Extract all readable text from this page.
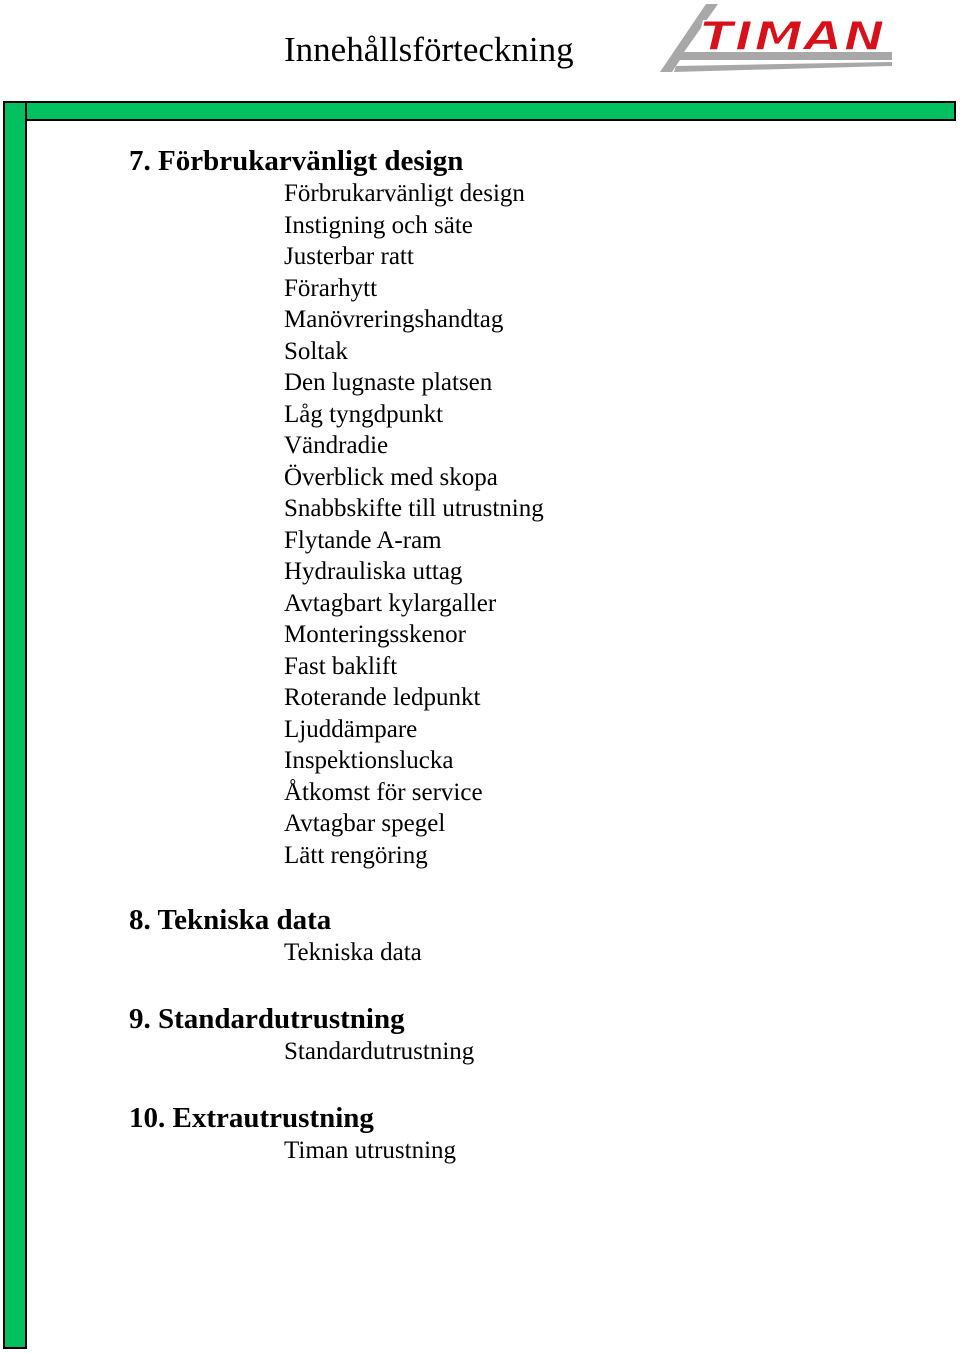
Innehållsförteckning	TIMAN
7. Förbrukarvänligt design
Förbrukarvänligt design
Instigning och säte
Justerbar ratt
Förarhytt
Manövreringshandtag
Soltak
Den lugnaste platsen
Låg tyngdpunkt
Vändradie
Överblick med skopa
Snabbskifte till utrustning
Flytande A-ram
Hydrauliska uttag
Avtagbart kylargaller
Monteringsskenor
Fast baklift
Roterande ledpunkt
Ljuddämpare
Inspektionslucka
Åtkomst för service
Avtagbar spegel
Lätt rengöring
8. Tekniska data
Tekniska data
9. Standardutrustning
Standardutrustning
10. Extrautrustning
Timan utrustning
